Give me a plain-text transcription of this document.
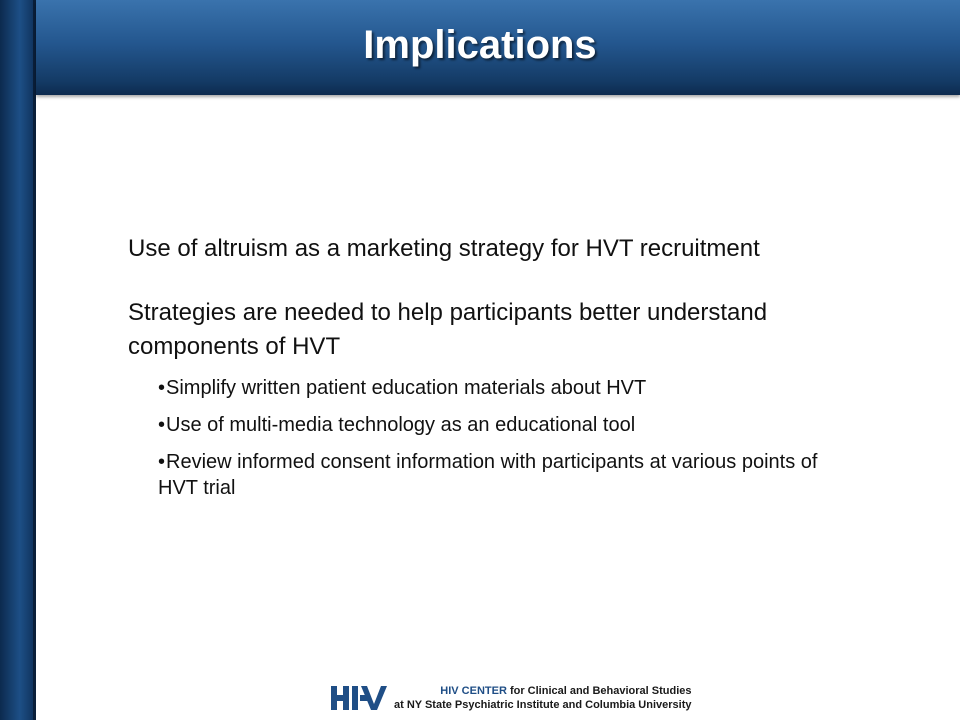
Implications
Use of altruism as a marketing strategy for HVT recruitment
Strategies are needed to help participants better understand components of HVT
•Simplify written patient education materials about HVT
•Use of multi-media technology as an educational tool
•Review informed consent information with participants at various points of HVT trial
HIV CENTER for Clinical and Behavioral Studies
at NY State Psychiatric Institute and Columbia University
